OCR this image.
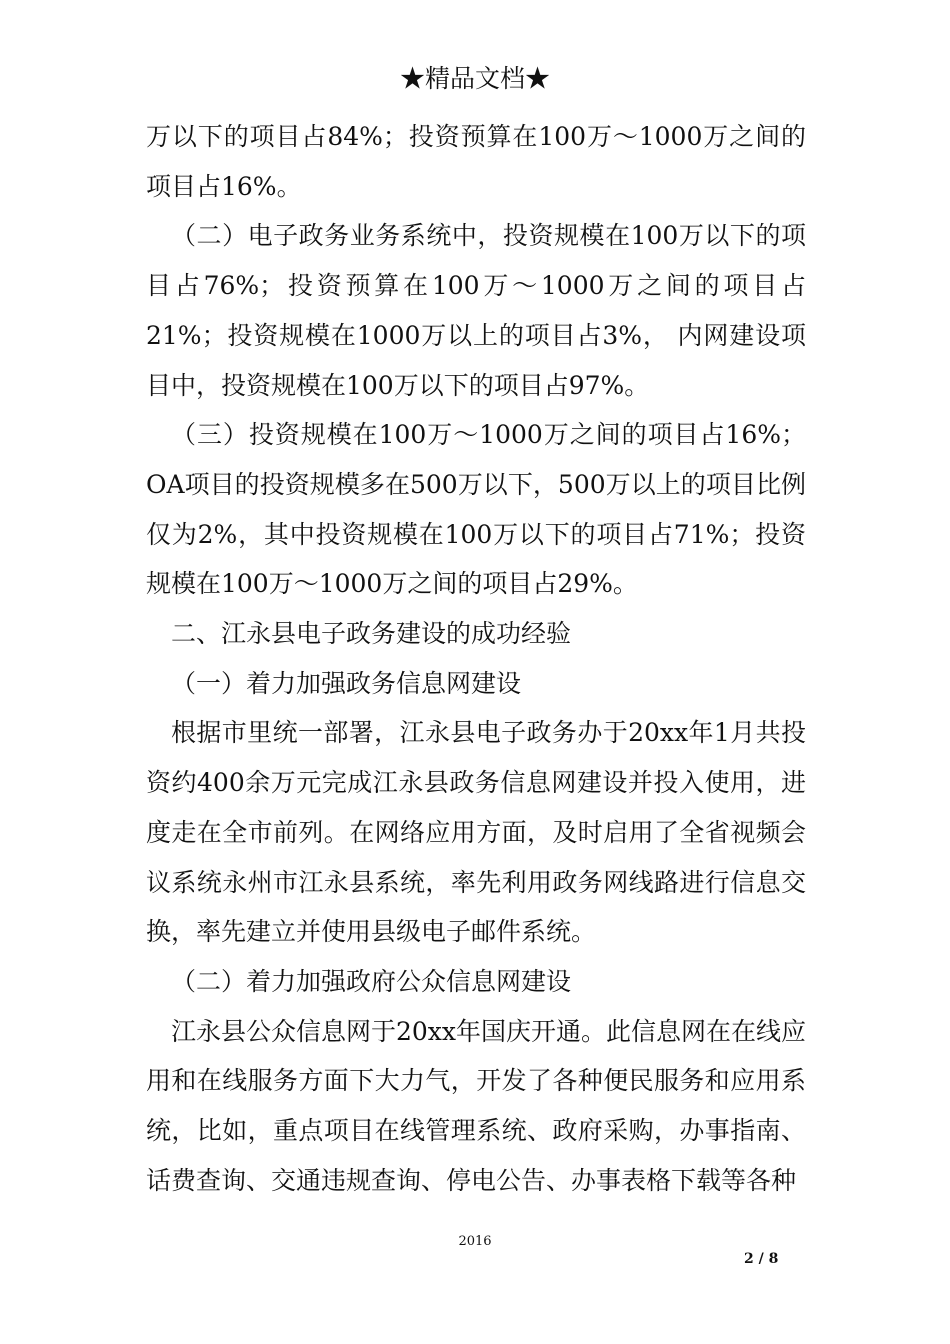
★精品文档★

万以下的项目占84%；投资预算在100万～1000万之间的项目占16%。

（二）电子政务业务系统中，投资规模在100万以下的项目占76%；投资预算在100万～1000万之间的项目占21%；投资规模在1000万以上的项目占3%， 内网建设项目中，投资规模在100万以下的项目占97%。

（三）投资规模在100万～1000万之间的项目占16%；OA项目的投资规模多在500万以下，500万以上的项目比例仅为2%，其中投资规模在100万以下的项目占71%；投资规模在100万～1000万之间的项目占29%。

二、江永县电子政务建设的成功经验

（一）着力加强政务信息网建设

根据市里统一部署，江永县电子政务办于20xx年1月共投资约400余万元完成江永县政务信息网建设并投入使用，进度走在全市前列。在网络应用方面，及时启用了全省视频会议系统永州市江永县系统，率先利用政务网线路进行信息交换，率先建立并使用县级电子邮件系统。

（二）着力加强政府公众信息网建设

江永县公众信息网于20xx年国庆开通。此信息网在在线应用和在线服务方面下大力气，开发了各种便民服务和应用系统，比如，重点项目在线管理系统、政府采购，办事指南、话费查询、交通违规查询、停电公告、办事表格下载等各种

2016
2 / 8
